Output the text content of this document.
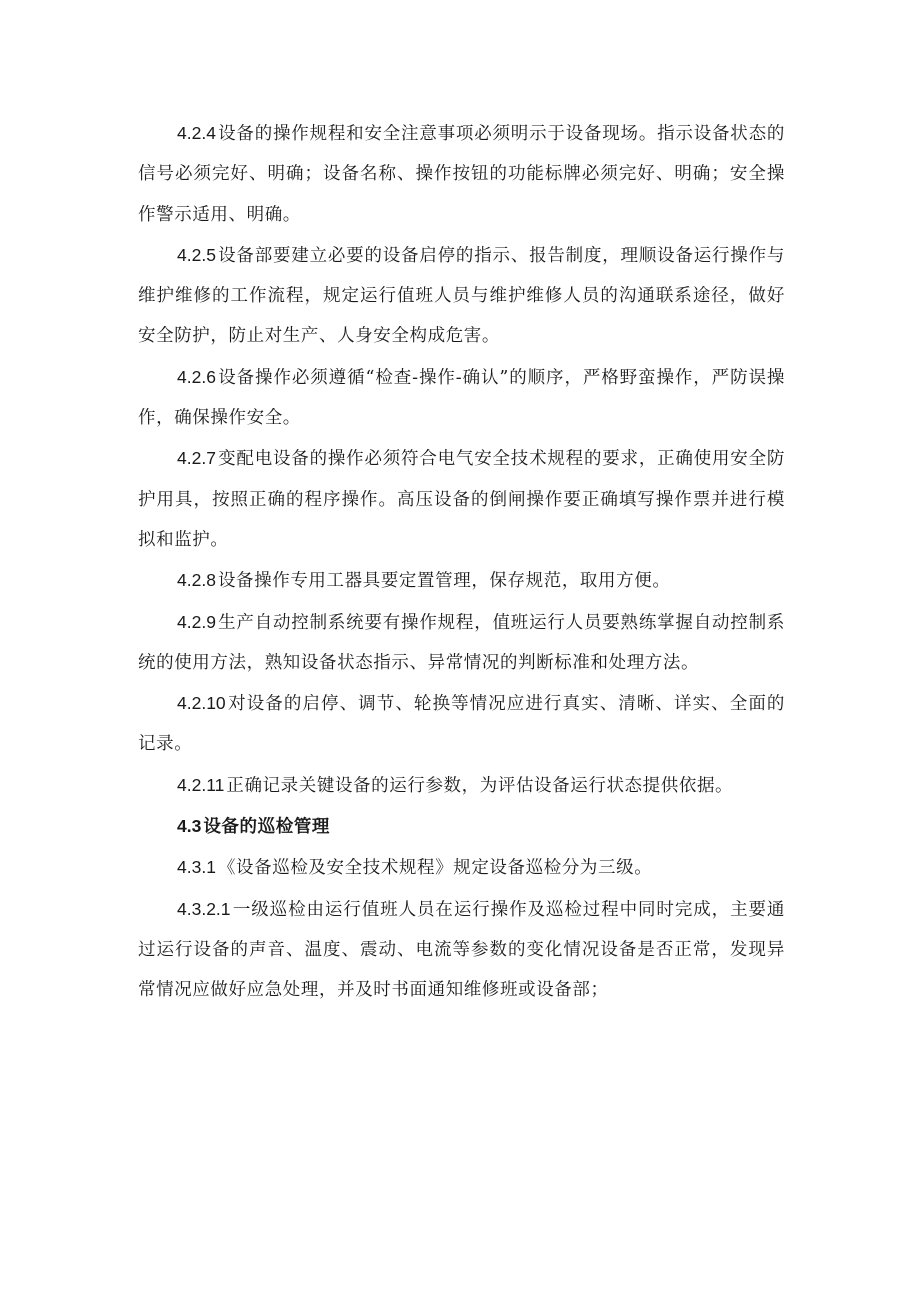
4.2.4 设备的操作规程和安全注意事项必须明示于设备现场。指示设备状态的信号必须完好、明确；设备名称、操作按钮的功能标牌必须完好、明确；安全操作警示适用、明确。

4.2.5 设备部要建立必要的设备启停的指示、报告制度，理顺设备运行操作与维护维修的工作流程，规定运行值班人员与维护维修人员的沟通联系途径，做好安全防护，防止对生产、人身安全构成危害。

4.2.6 设备操作必须遵循“检查-操作-确认”的顺序，严格野蛮操作，严防误操作，确保操作安全。

4.2.7 变配电设备的操作必须符合电气安全技术规程的要求，正确使用安全防护用具，按照正确的程序操作。高压设备的倒闸操作要正确填写操作票并进行模拟和监护。

4.2.8 设备操作专用工器具要定置管理，保存规范，取用方便。

4.2.9 生产自动控制系统要有操作规程，值班运行人员要熟练掌握自动控制系统的使用方法，熟知设备状态指示、异常情况的判断标准和处理方法。

4.2.10 对设备的启停、调节、轮换等情况应进行真实、清晰、详实、全面的记录。

4.2.11 正确记录关键设备的运行参数，为评估设备运行状态提供依据。

4.3 设备的巡检管理

4.3.1 《设备巡检及安全技术规程》规定设备巡检分为三级。

4.3.2.1 一级巡检由运行值班人员在运行操作及巡检过程中同时完成，主要通过运行设备的声音、温度、震动、电流等参数的变化情况设备是否正常，发现异常情况应做好应急处理，并及时书面通知维修班或设备部；
